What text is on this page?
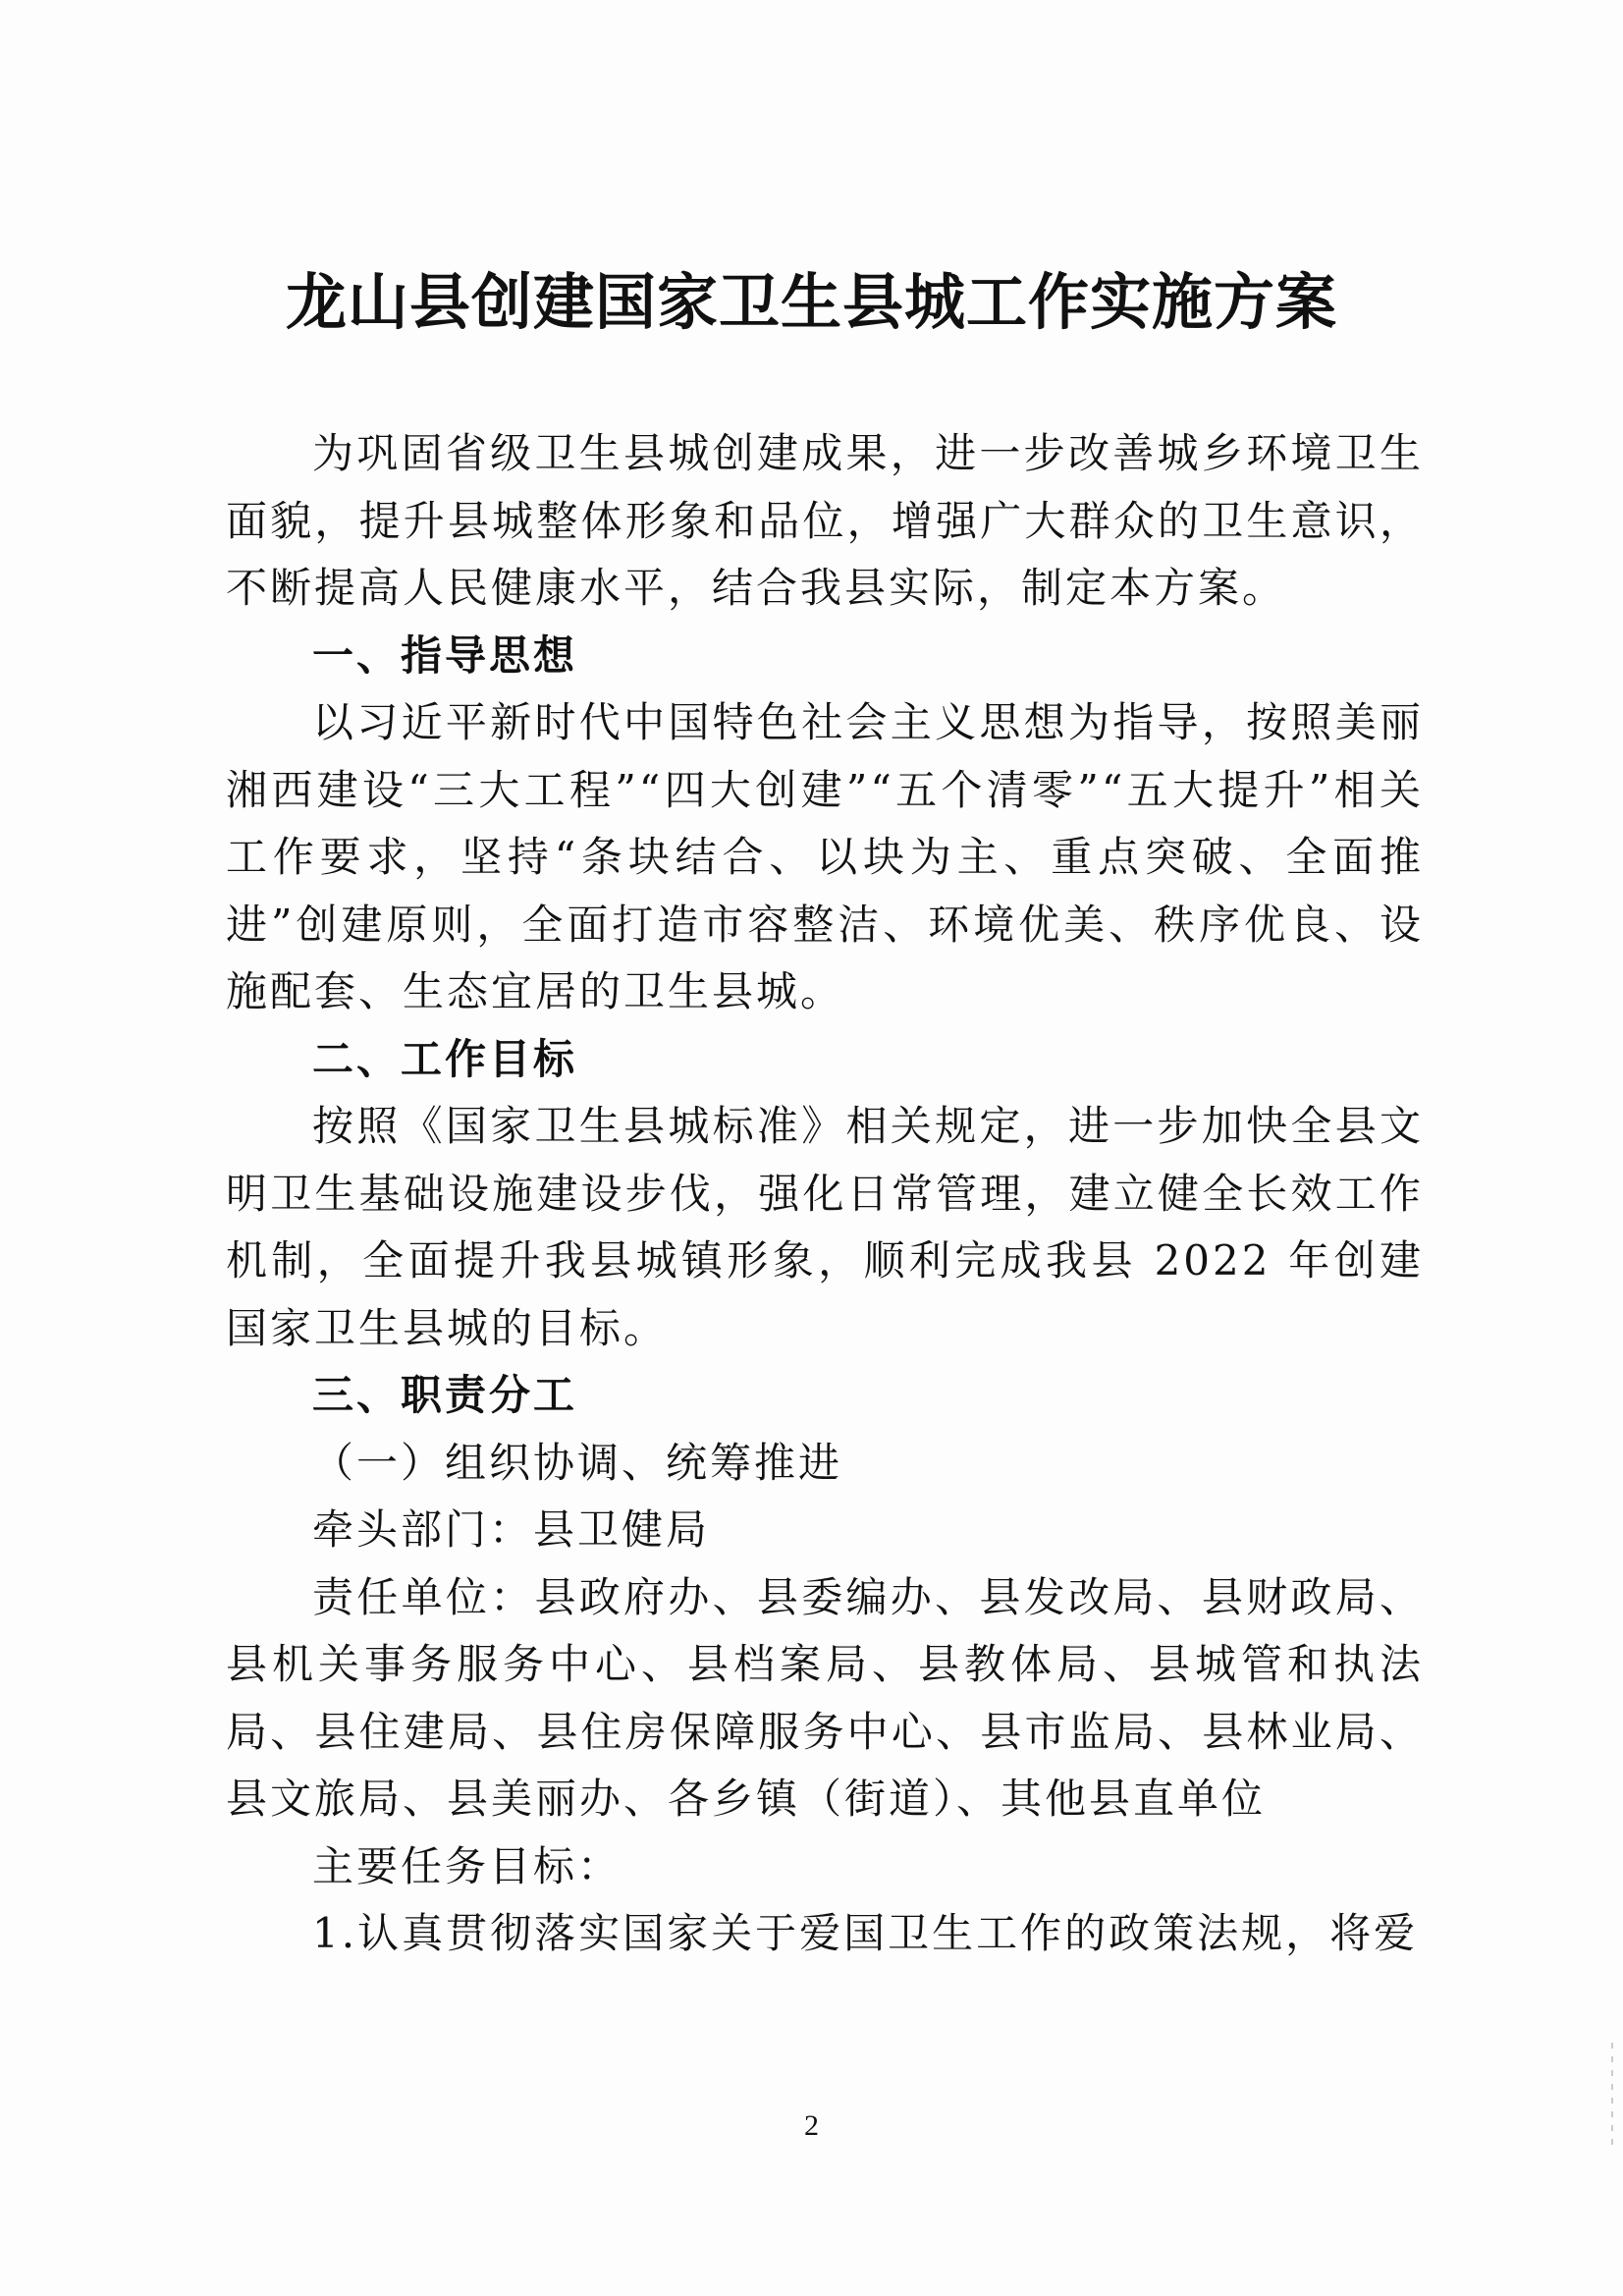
龙山县创建国家卫生县城工作实施方案

为巩固省级卫生县城创建成果，进一步改善城乡环境卫生面貌，提升县城整体形象和品位，增强广大群众的卫生意识，不断提高人民健康水平，结合我县实际，制定本方案。

一、指导思想

以习近平新时代中国特色社会主义思想为指导，按照美丽湘西建设“三大工程”“四大创建”“五个清零”“五大提升”相关工作要求，坚持“条块结合、以块为主、重点突破、全面推进”创建原则，全面打造市容整洁、环境优美、秩序优良、设施配套、生态宜居的卫生县城。

二、工作目标

按照《国家卫生县城标准》相关规定，进一步加快全县文明卫生基础设施建设步伐，强化日常管理，建立健全长效工作机制，全面提升我县城镇形象，顺利完成我县 2022 年创建国家卫生县城的目标。

三、职责分工

（一）组织协调、统筹推进

牵头部门：县卫健局

责任单位：县政府办、县委编办、县发改局、县财政局、县机关事务服务中心、县档案局、县教体局、县城管和执法局、县住建局、县住房保障服务中心、县市监局、县林业局、县文旅局、县美丽办、各乡镇（街道）、其他县直单位

主要任务目标：

1.认真贯彻落实国家关于爱国卫生工作的政策法规，将爱

2
